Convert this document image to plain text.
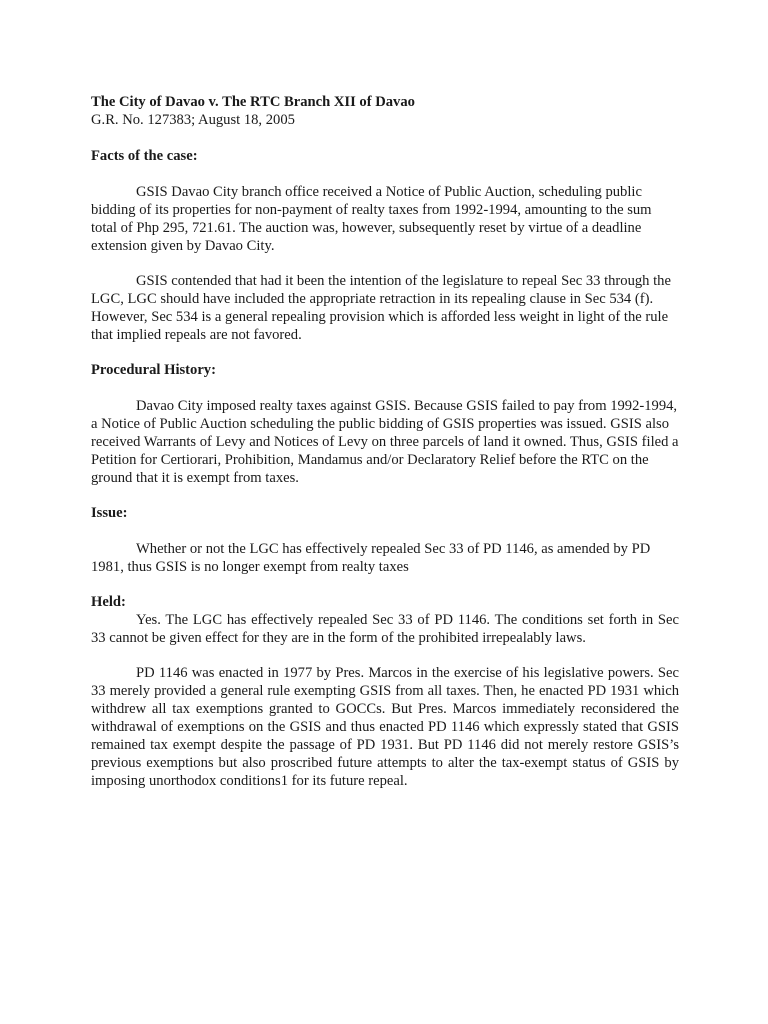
The City of Davao v. The RTC Branch XII of Davao

G.R. No. 127383; August 18, 2005

Facts of the case:

GSIS Davao City branch office received a Notice of Public Auction, scheduling public bidding of its properties for non-payment of realty taxes from 1992-1994, amounting to the sum total of Php 295, 721.61. The auction was, however, subsequently reset by virtue of a deadline extension given by Davao City.

GSIS contended that had it been the intention of the legislature to repeal Sec 33 through the LGC, LGC should have included the appropriate retraction in its repealing clause in Sec 534 (f). However, Sec 534 is a general repealing provision which is afforded less weight in light of the rule that implied repeals are not favored.

Procedural History:

Davao City imposed realty taxes against GSIS. Because GSIS failed to pay from 1992-1994, a Notice of Public Auction scheduling the public bidding of GSIS properties was issued. GSIS also received Warrants of Levy and Notices of Levy on three parcels of land it owned. Thus, GSIS filed a Petition for Certiorari, Prohibition, Mandamus and/or Declaratory Relief before the RTC on the ground that it is exempt from taxes.

Issue:

Whether or not the LGC has effectively repealed Sec 33 of PD 1146, as amended by PD 1981, thus GSIS is no longer exempt from realty taxes

Held:

Yes. The LGC has effectively repealed Sec 33 of PD 1146. The conditions set forth in Sec 33 cannot be given effect for they are in the form of the prohibited irrepealably laws.

PD 1146 was enacted in 1977 by Pres. Marcos in the exercise of his legislative powers. Sec 33 merely provided a general rule exempting GSIS from all taxes. Then, he enacted PD 1931 which withdrew all tax exemptions granted to GOCCs. But Pres. Marcos immediately reconsidered the withdrawal of exemptions on the GSIS and thus enacted PD 1146 which expressly stated that GSIS remained tax exempt despite the passage of PD 1931. But PD 1146 did not merely restore GSIS’s previous exemptions but also proscribed future attempts to alter the tax-exempt status of GSIS by imposing unorthodox conditions1 for its future repeal.
